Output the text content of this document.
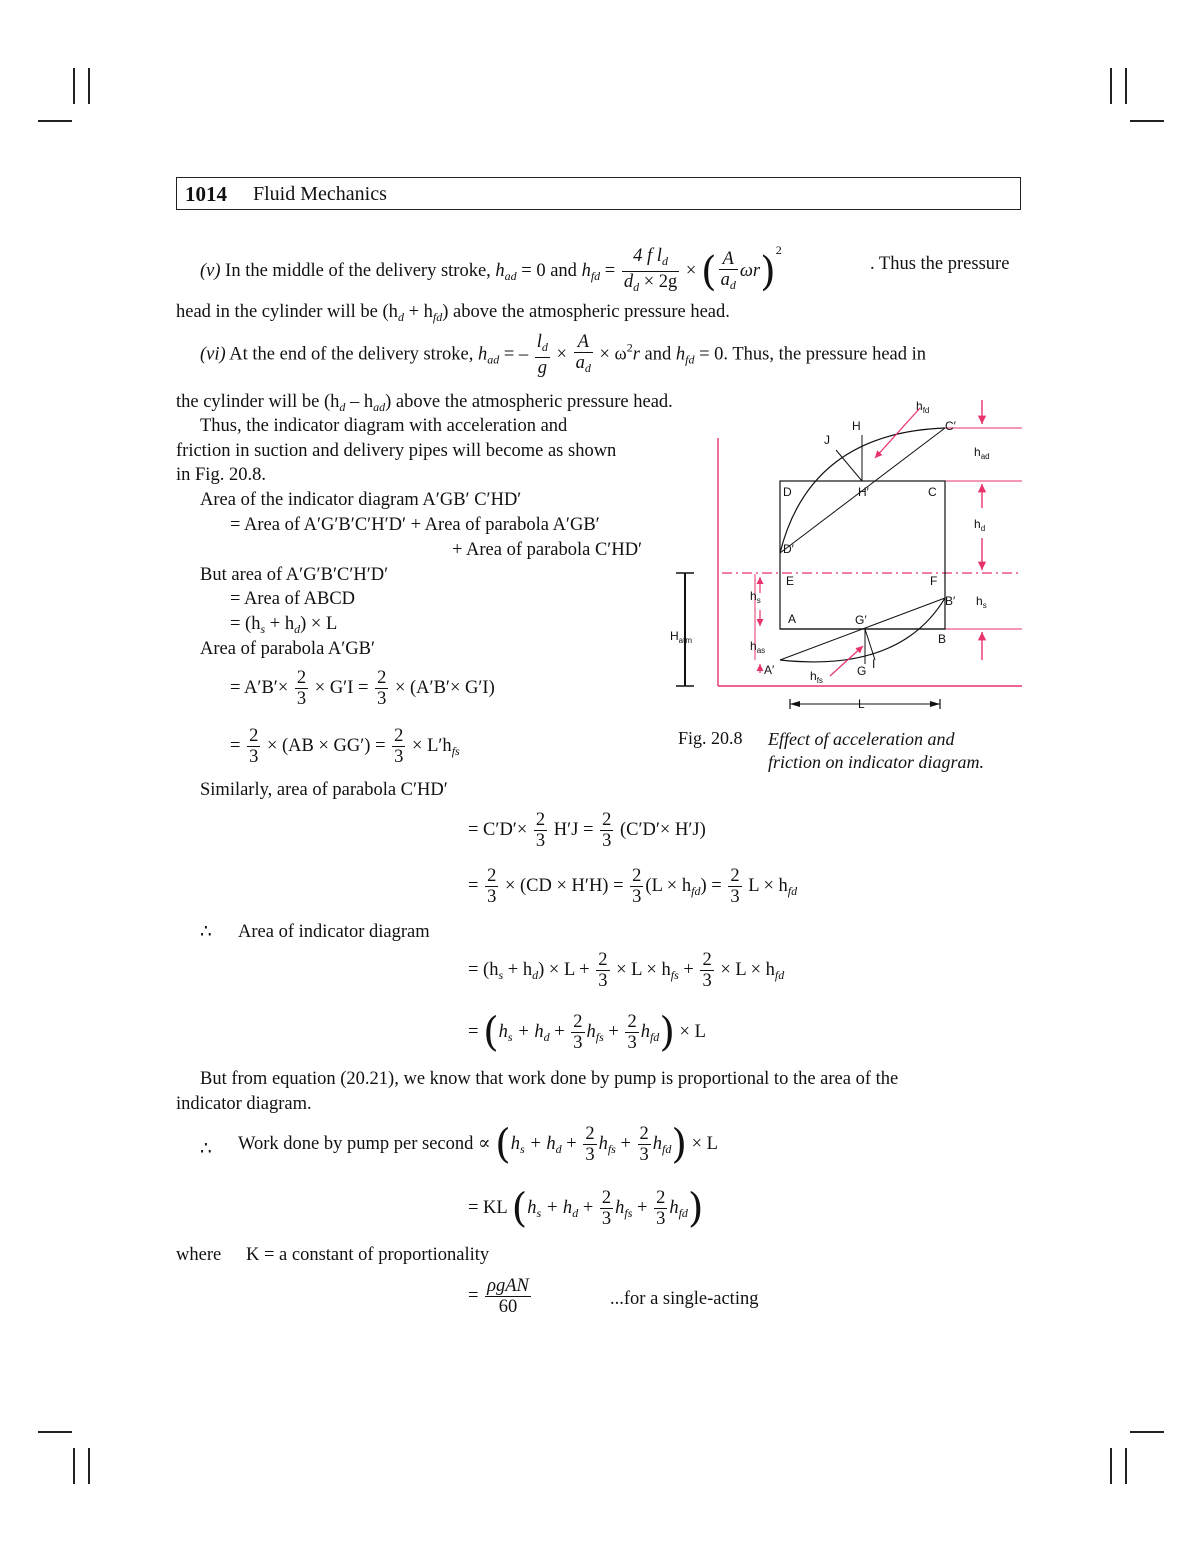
1014 Fluid Mechanics
(v) In the middle of the delivery stroke, $h_{ad} = 0$ and $h_{fd} = \frac{4 f l_d}{d_d \times 2g}$ × ( $\frac{A}{a_d} \omega r)^2$
. Thus the pressure
head in the cylinder will be $(h_d + h_{fd})$ above the atmospheric pressure head.
(vi) At the end of the delivery stroke, $h_{ad}$ = – $\frac{l_d}{g} \times \frac{A}{a_d} \times \omega^2r$ and $h_{fd} = 0$. Thus, the pressure head in
the cylinder will be $(h_d - h_{ad})$ above the atmospheric pressure head.
Thus, the indicator diagram with acceleration and
friction in suction and delivery pipes will become as shown
in Fig. 20.8.
Area of the indicator diagram A′GB′ C′HD′
= Area of A′G′B′C′H′D′ + Area of parabola A′GB′
+ Area of parabola C′HD′
But area of A′G′B′C′H′D′
= Area of ABCD
= $(h_s + h_d) \times L$
Area of parabola A′GB′
= $A'B'\times \frac{2}{3} \times G'I = \frac{2}{3} \times (A'B'\times G'I)$
= $\frac{2}{3} \times (AB \times GG') = \frac{2}{3} \times L'h_{fs}$
Similarly, area of parabola C′HD′
= $C'D'\times \frac{2}{3} H'J = \frac{2}{3} (C'D'\times H'J)$
= $\frac{2}{3} \times (CD \times H'H) = \frac{2}{3} (L \times h_{fd}) = \frac{2}{3}$ $L \times h_{fd}$
∴ Area of indicator diagram
= $(h_s + h_d) \times L + \frac{2}{3} \times L \times h_{fs} + \frac{2}{3} \times L \times h_{fd}$
= $(h_s + h_d + \frac{2}{3} h_{fs} + \frac{2}{3} h_{fd}) \times L$
But from equation (20.21), we know that work done by pump is proportional to the area of the
indicator diagram.
∴ Work done by pump per second ∝ $(h_s + h_d + \frac{2}{3} h_{fs} + \frac{2}{3} h_{fd}) \times L$
= KL $(h_s + h_d + \frac{2}{3} h_{fs} + \frac{2}{3} h_{fd})$
where K = a constant of proportionality
= $\frac{\text{ρgAN}}{60}$	...for a single-acting
$h_{fd}$
H	C′
J
$h_{ad}$
D	H′	C
$h_d$
D′
E	F
$h_s$	B′ $h_s$
A	G′
B
$H_{atm}$	$h_{as}$
I
A′	G
$h_{fs}$
L
Fig. 20.8 Effect of acceleration and
friction on indicator diagram.
